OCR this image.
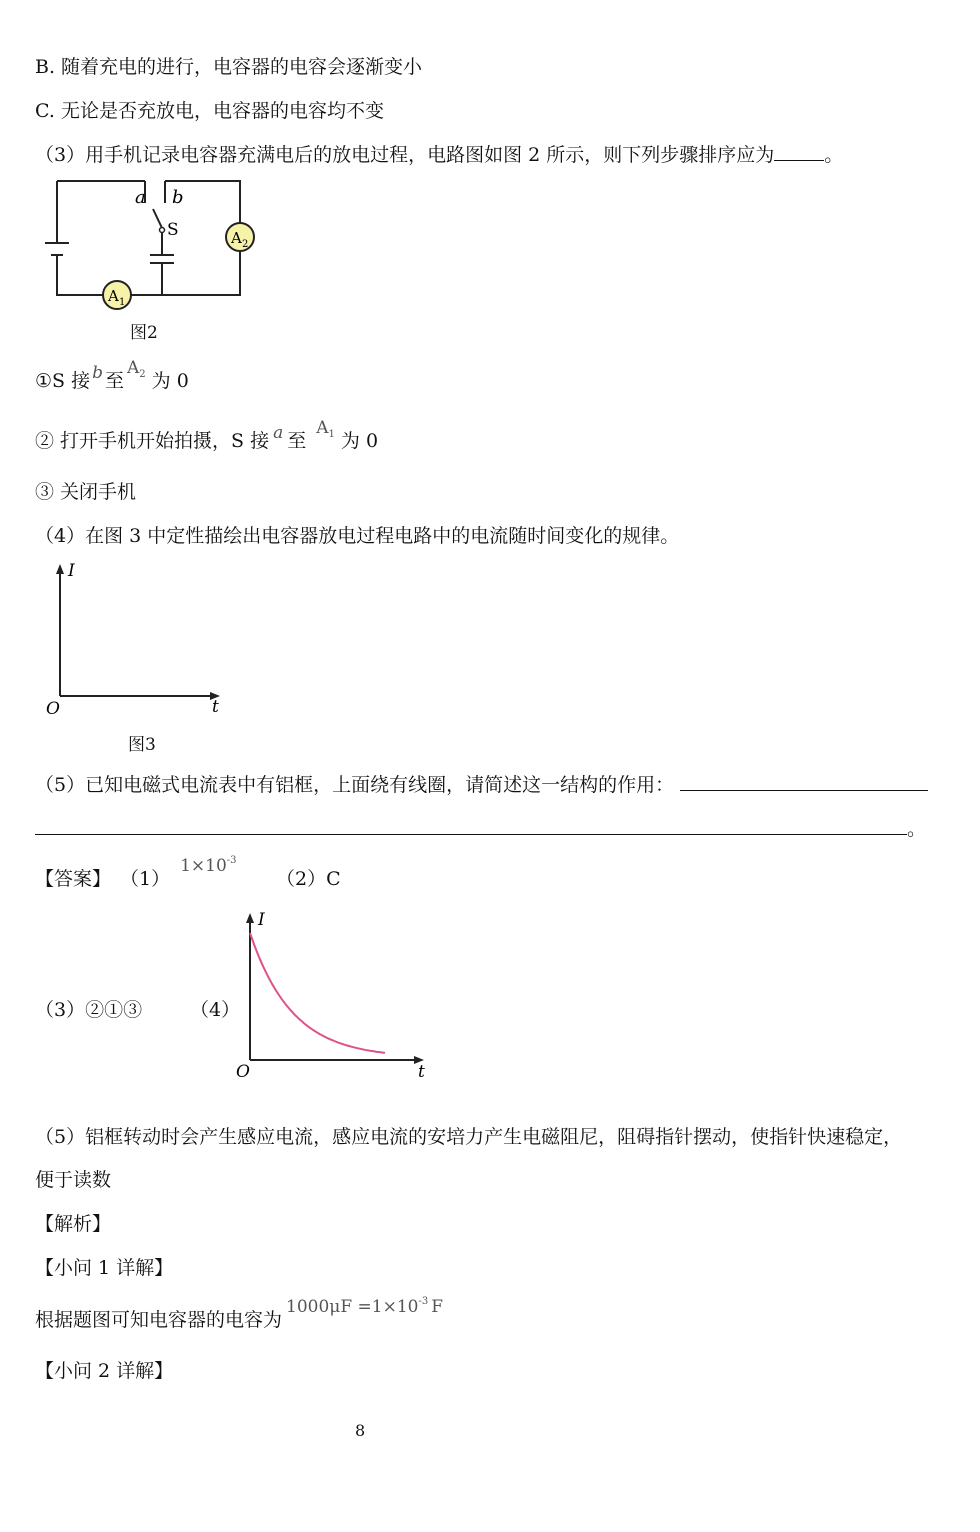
B. 随着充电的进行，电容器的电容会逐渐变小
C. 无论是否充放电，电容器的电容均不变
（3）用手机记录电容器充满电后的放电过程，电路图如图 2 所示，则下列步骤排序应为	。
a b
S	A 2
A 1
图2
①S 接 b 至$A^2$ 为 0
② 打开手机开始拍摄，S 接 a 至$A^1$ 为 0
③ 关闭手机
（4）在图 3 中定性描绘出电容器放电过程电路中的电流随时间变化的规律。
I
t
O
图3
（5）已知电磁式电流表中有铝框，上面绕有线圈，请简述这一结构的作用：
。
【答案】 $(1)1\times 10^{-3}$
（2）C
（3）②①③	（4）
I
t
O
（5）铝框转动时会产生感应电流，感应电流的安培力产生电磁阻尼，阻碍指针摆动，使指针快速稳定，
便于读数
【解析】
【小问 1 详解】
根据题图可知电容器的电容为$1000\mu F =1\times 10^{-3}$ F
【小问 2 详解】
8
